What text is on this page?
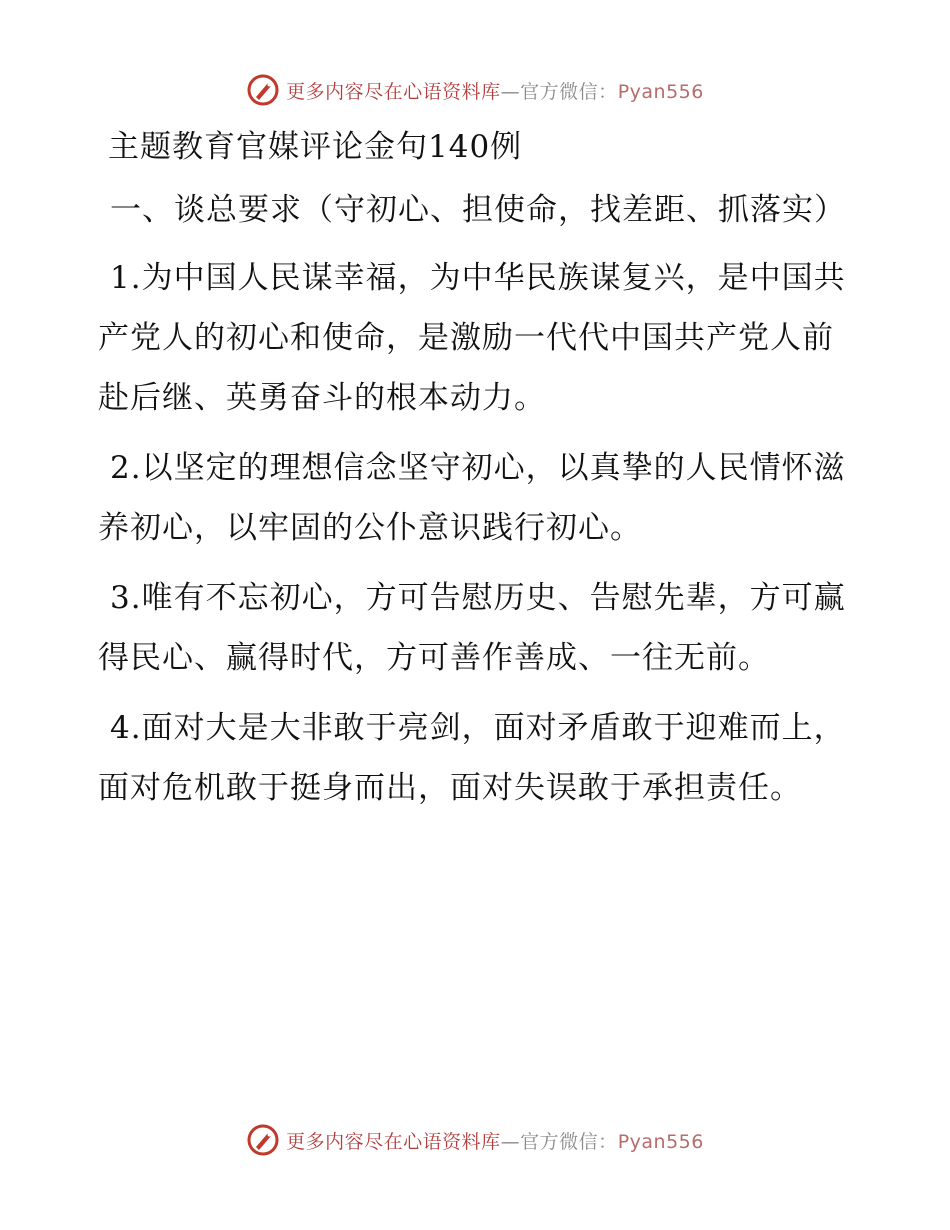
更多内容尽在心语资料库—官方微信：Pyan556
主题教育官媒评论金句140例
一、谈总要求（守初心、担使命，找差距、抓落实）

1.为中国人民谋幸福，为中华民族谋复兴，是中国共产党人的初心和使命，是激励一代代中国共产党人前赴后继、英勇奋斗的根本动力。

2.以坚定的理想信念坚守初心，以真挚的人民情怀滋养初心，以牢固的公仆意识践行初心。

3.唯有不忘初心，方可告慰历史、告慰先辈，方可赢得民心、赢得时代，方可善作善成、一往无前。

4.面对大是大非敢于亮剑，面对矛盾敢于迎难而上，面对危机敢于挺身而出，面对失误敢于承担责任。

更多内容尽在心语资料库—官方微信：Pyan556
